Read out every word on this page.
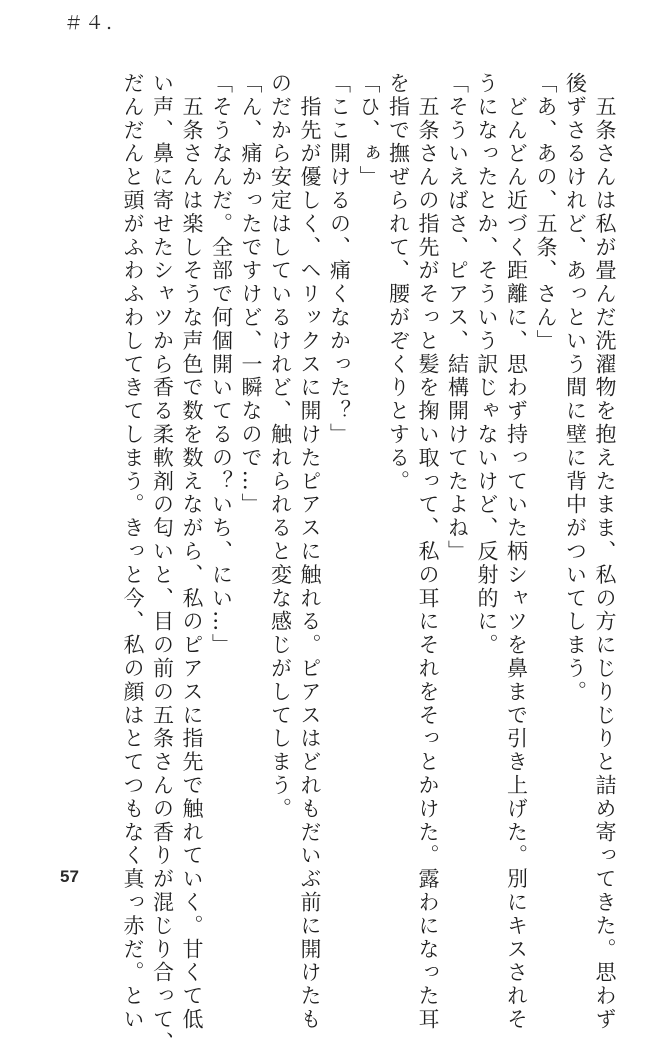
＃４.
　五条さんは私が畳んだ洗濯物を抱えたまま、私の方にじりじりと詰め寄ってきた。思わず
後ずさるけれど、あっという間に壁に背中がついてしまう。
「あ、あの、五条、さん」
　どんどん近づく距離に、思わず持っていた柄シャツを鼻まで引き上げた。別にキスされそ
うになったとか、そういう訳じゃないけど、反射的に。
「そういえばさ、ピアス、結構開けてたよね」
　五条さんの指先がそっと髪を掬い取って、私の耳にそれをそっとかけた。露わになった耳
を指で撫ぜられて、腰がぞくりとする。
「ひ、ぁ」
「ここ開けるの、痛くなかった？」
　指先が優しく、ヘリックスに開けたピアスに触れる。ピアスはどれもだいぶ前に開けたも
のだから安定はしているけれど、触れられると変な感じがしてしまう。
「ん、痛かったですけど、一瞬なので…」
「そうなんだ。全部で何個開いてるの？いち、にい…」
　五条さんは楽しそうな声色で数を数えながら、私のピアスに指先で触れていく。甘くて低
い声、鼻に寄せたシャツから香る柔軟剤の匂いと、目の前の五条さんの香りが混じり合って、
だんだんと頭がふわふわしてきてしまう。きっと今、私の顔はとてつもなく真っ赤だ。とい
57
